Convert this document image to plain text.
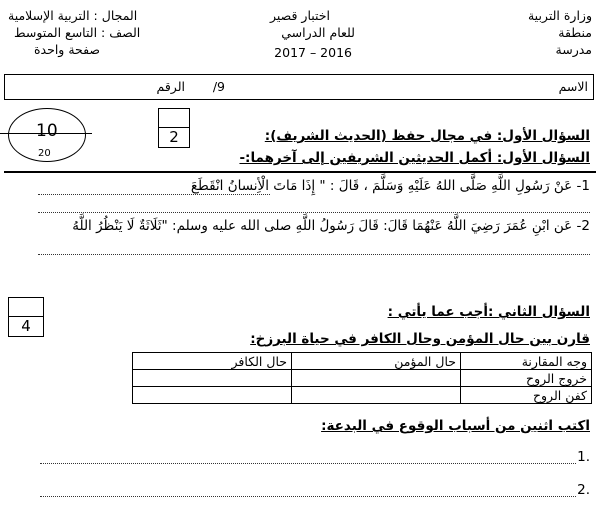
وزارة التربية
منطقة
مدرسة
اختبار قصير
للعام الدراسي
2017 – 2016
المجال : التربية الإسلامية
الصف : التاسع المتوسط
صفحة واحدة
الاسم
/9
الرقم
10
20
2	السؤال الأول: في مجال حفظ (الحديث الشريف):
السؤال الأول: أكمل الحديثين الشريفين إلى آخرهما:-
1- عَنْ رَسُولِ اللَّهِ صَلَّى اللهُ عَلَيْهِ وَسَلَّمَ ، قَالَ : " إِذَا مَاتَ الْأِنسانُ انْقَطَعَ
2- عَن ابْنِ عُمَرَ رَضِيَ اللَّهُ عَنْهُمَا قَالَ: قَالَ رَسُولُ اللَّهِ صلى الله عليه وسلم: "ثَلَاثَةٌ لَا يَنْظُرُ اللَّهُ
4
السؤال الثاني :أجب عما يأتي :
قارن بين حال المؤمن وحال الكافر في حياة البرزخ:
وجه المقارنة	حال المؤمن	حال الكافر
خروج الروح		
كفن الروح		
اكتب اثنين من أسباب الوقوع في البدعة:
1.
2.
